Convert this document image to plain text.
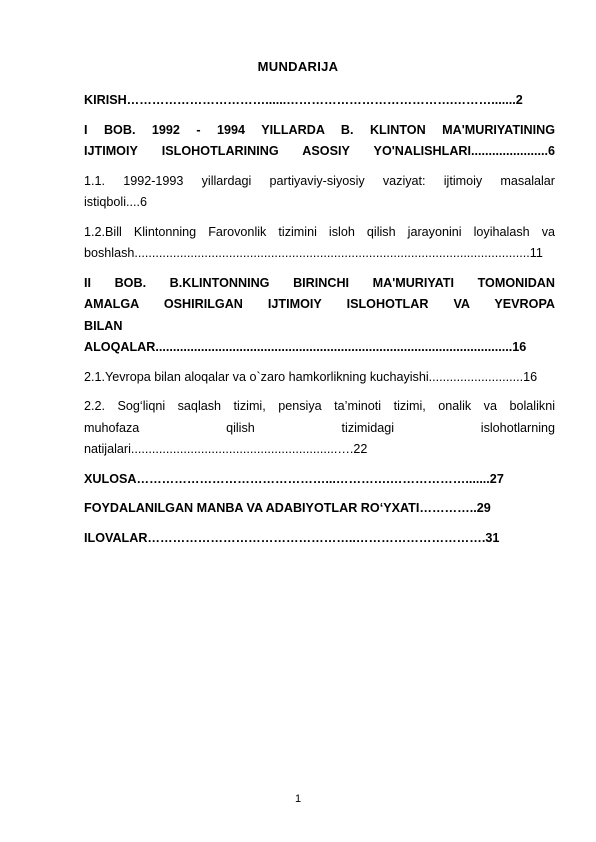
MUNDARIJA
KIRISH……………………………......………………………………….……….......2
I BOB. 1992 - 1994 YILLARDA B. KLINTON MA'MURIYATINING
IJTIMOIY ISLOHOTLARINING ASOSIY YO'NALISHLARI......................6
1.1. 1992-1993 yillardagi partiyaviy-siyosiy vaziyat: ijtimoiy masalalar
istiqboli....6
1.2.Bill Klintonning Farovonlik tizimini isloh qilish jarayonini loyihalash va
boshlash.................................................................................................................11
II BOB. B.KLINTONNING BIRINCHI MA'MURIYATI TOMONIDAN
AMALGA OSHIRILGAN IJTIMOIY ISLOHOTLAR VA YEVROPA
BILAN
ALOQALAR......................................................................................................16
2.1.Yevropa bilan aloqalar va o`zaro hamkorlikning kuchayishi...........................16
2.2. Sog‘liqni saqlash tizimi, pensiya ta’minoti tizimi, onalik va bolalikni
muhofaza qilish tizimidagi islohotlarning
natijalari...........................................................….22
XULOSA………………………………………...………….……………….......27
FOYDALANILGAN MANBA VA ADABIYOTLAR RO‘YXATI…………..29
ILOVALAR…………………………………………..………………………….31
1
